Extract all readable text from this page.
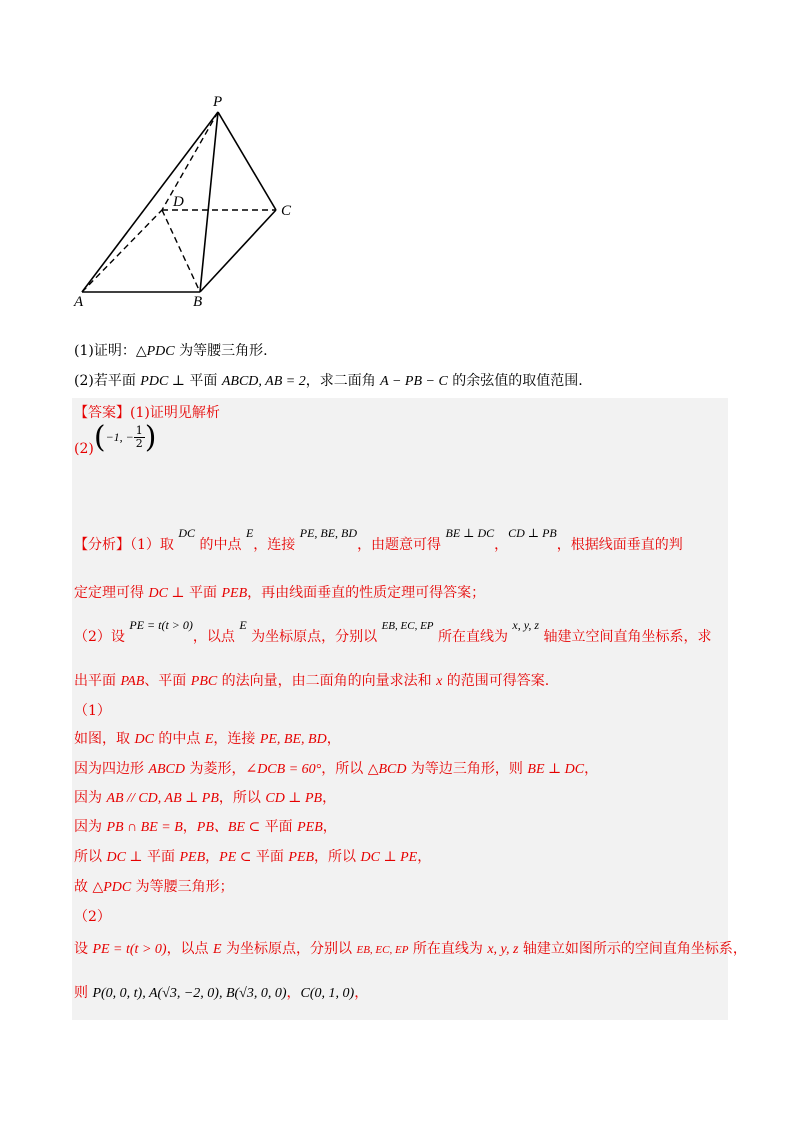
P
D
C
A	B
(1)证明：△PDC 为等腰三角形.
(2)若平面 PDC ⊥ 平面 ABCD, AB = 2，求二面角 A − PB − C 的余弦值的取值范围.
【答案】(1)证明见解析
(2)(−1, − $\frac{1}{2}$ )
【分析】（1）取 DC 的中点 E，连接 PE, BE, BD，由题意可得 BE ⊥ DC，CD ⊥ PB，根据线面垂直的判
定定理可得 DC ⊥ 平面 PEB，再由线面垂直的性质定理可得答案；
（2）设 PE = t(t > 0)，以点 E 为坐标原点，分别以 $^{EB, EC, EP}$ 所在直线为 x, y, z 轴建立空间直角坐标系，求
出平面 PAB、平面 PBC 的法向量，由二面角的向量求法和 x 的范围可得答案.
（1）
如图，取 DC 的中点 E，连接 PE, BE, BD，
因为四边形 ABCD 为菱形，∠DCB = 60°，所以 △BCD 为等边三角形，则 BE ⊥ DC，
因为 AB // CD, AB ⊥ PB，所以 CD ⊥ PB，
因为 PB ∩ BE = B，PB、BE ⊂ 平面 PEB，
所以 DC ⊥ 平面 PEB，PE ⊂ 平面 PEB，所以 DC ⊥ PE，
故 △PDC 为等腰三角形；
（2）
设 PE = t(t > 0)，以点 E 为坐标原点，分别以 EB, EC, EP 所在直线为 x, y, z 轴建立如图所示的空间直角坐标系，
则 P(0, 0, t), A(√3, −2, 0), B(√3, 0, 0)，C(0, 1, 0)，
